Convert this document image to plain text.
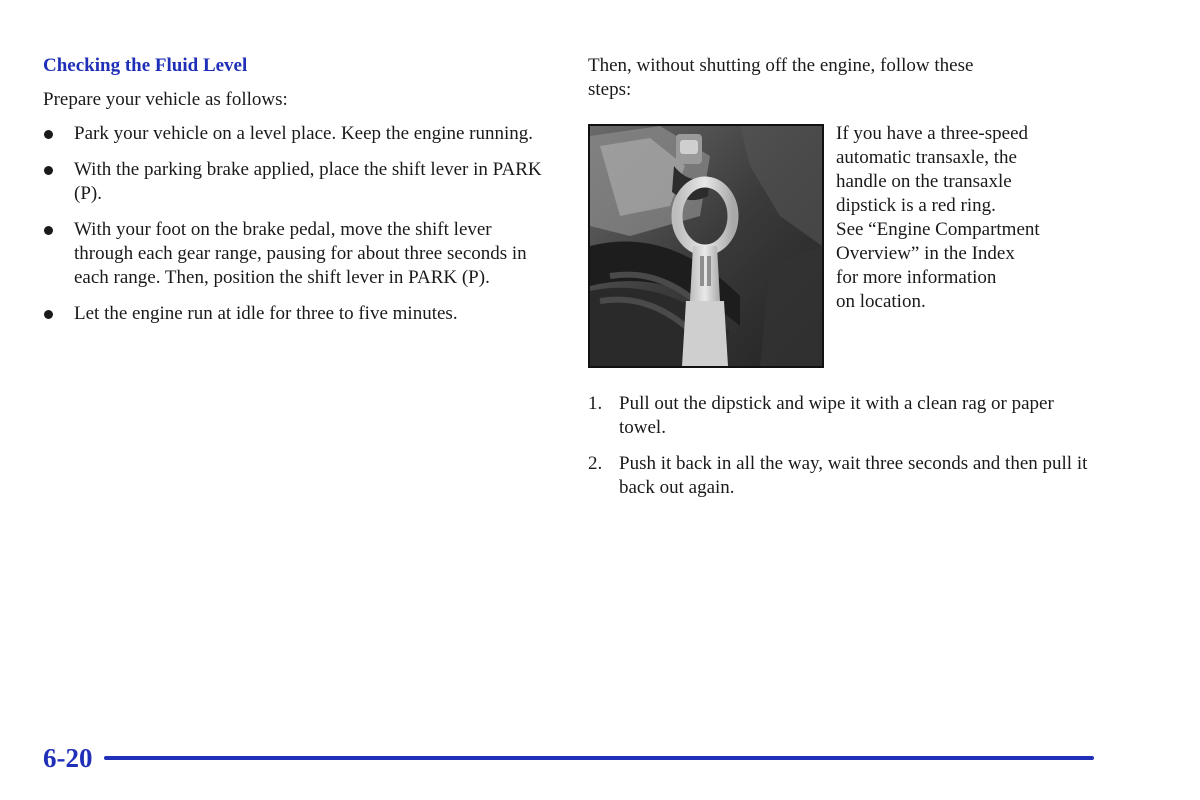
Checking the Fluid Level
Prepare your vehicle as follows:
Park your vehicle on a level place. Keep the engine running.
With the parking brake applied, place the shift lever in PARK (P).
With your foot on the brake pedal, move the shift lever through each gear range, pausing for about three seconds in each range. Then, position the shift lever in PARK (P).
Let the engine run at idle for three to five minutes.
Then, without shutting off the engine, follow these steps:
If you have a three-speed
automatic transaxle, the
handle on the transaxle
dipstick is a red ring.
See “Engine Compartment
Overview” in the Index
for more information
on location.
1. Pull out the dipstick and wipe it with a clean rag or paper towel.
2. Push it back in all the way, wait three seconds and then pull it back out again.
6-20
